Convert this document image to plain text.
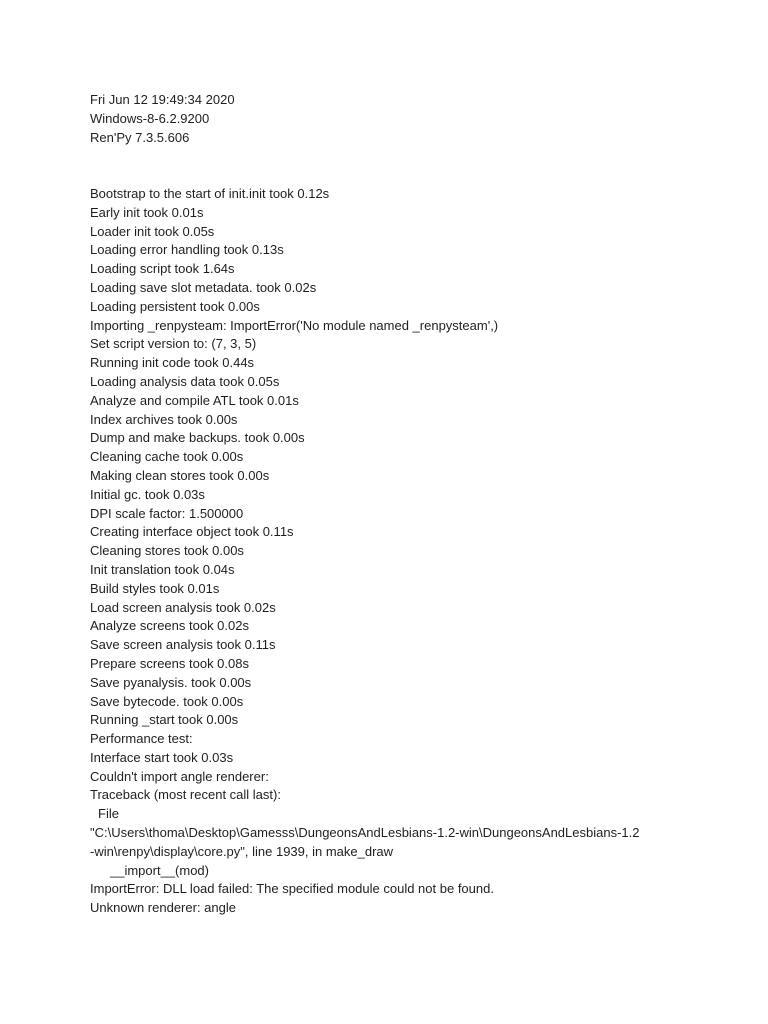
Fri Jun 12 19:49:34 2020
Windows-8-6.2.9200
Ren'Py 7.3.5.606
Bootstrap to the start of init.init took 0.12s
Early init took 0.01s
Loader init took 0.05s
Loading error handling took 0.13s
Loading script took 1.64s
Loading save slot metadata. took 0.02s
Loading persistent took 0.00s
Importing _renpysteam: ImportError('No module named _renpysteam',)
Set script version to: (7, 3, 5)
Running init code took 0.44s
Loading analysis data took 0.05s
Analyze and compile ATL took 0.01s
Index archives took 0.00s
Dump and make backups. took 0.00s
Cleaning cache took 0.00s
Making clean stores took 0.00s
Initial gc. took 0.03s
DPI scale factor: 1.500000
Creating interface object took 0.11s
Cleaning stores took 0.00s
Init translation took 0.04s
Build styles took 0.01s
Load screen analysis took 0.02s
Analyze screens took 0.02s
Save screen analysis took 0.11s
Prepare screens took 0.08s
Save pyanalysis. took 0.00s
Save bytecode. took 0.00s
Running _start took 0.00s
Performance test:
Interface start took 0.03s
Couldn't import angle renderer:
Traceback (most recent call last):
File
"C:\Users\thoma\Desktop\Gamesss\DungeonsAndLesbians-1.2-win\DungeonsAndLesbians-1.2
-win\renpy\display\core.py", line 1939, in make_draw
__import__(mod)
ImportError: DLL load failed: The specified module could not be found.
Unknown renderer: angle
